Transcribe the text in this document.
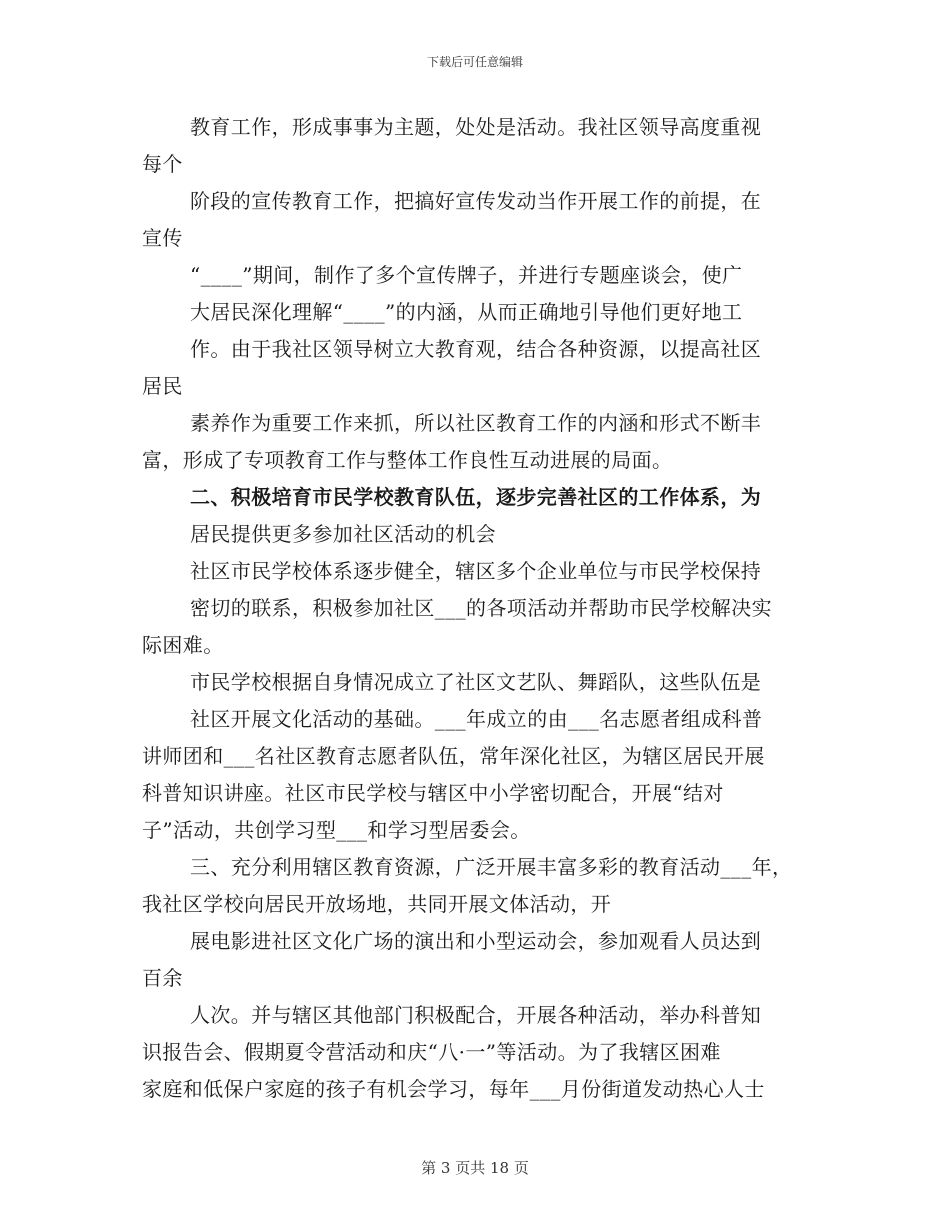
下载后可任意编辑
教育工作，形成事事为主题，处处是活动。我社区领导高度重视
每个
阶段的宣传教育工作，把搞好宣传发动当作开展工作的前提，在
宣传
“____”期间，制作了多个宣传牌子，并进行专题座谈会，使广
大居民深化理解“____”的内涵，从而正确地引导他们更好地工
作。由于我社区领导树立大教育观，结合各种资源，以提高社区
居民
素养作为重要工作来抓，所以社区教育工作的内涵和形式不断丰
富，形成了专项教育工作与整体工作良性互动进展的局面。
二、积极培育市民学校教育队伍，逐步完善社区的工作体系，为
居民提供更多参加社区活动的机会
社区市民学校体系逐步健全，辖区多个企业单位与市民学校保持
密切的联系，积极参加社区___的各项活动并帮助市民学校解决实
际困难。
市民学校根据自身情况成立了社区文艺队、舞蹈队，这些队伍是
社区开展文化活动的基础。___年成立的由___名志愿者组成科普
讲师团和___名社区教育志愿者队伍，常年深化社区，为辖区居民开展
科普知识讲座。社区市民学校与辖区中小学密切配合，开展“结对
子”活动，共创学习型___和学习型居委会。
三、充分利用辖区教育资源，广泛开展丰富多彩的教育活动___年，
我社区学校向居民开放场地，共同开展文体活动，开
展电影进社区文化广场的演出和小型运动会，参加观看人员达到
百余
人次。并与辖区其他部门积极配合，开展各种活动，举办科普知
识报告会、假期夏令营活动和庆“八·一”等活动。为了我辖区困难
家庭和低保户家庭的孩子有机会学习，每年___月份街道发动热心人士
第 3 页共 18 页
